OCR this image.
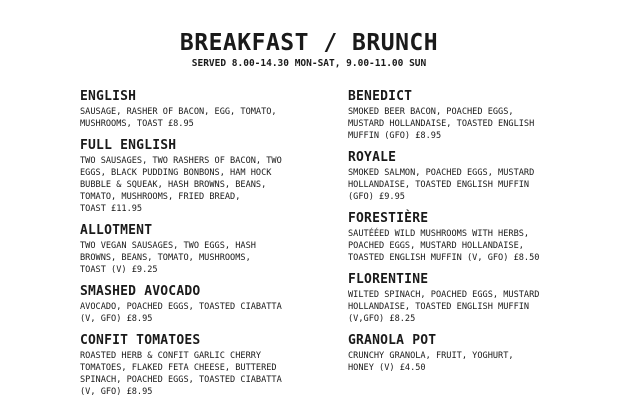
BREAKFAST / BRUNCH

SERVED 8.00-14.30 MON-SAT, 9.00-11.00 SUN

ENGLISH

SAUSAGE, RASHER OF BACON, EGG, TOMATO,
MUSHROOMS, TOAST £8.95

FULL ENGLISH

TWO SAUSAGES, TWO RASHERS OF BACON, TWO
EGGS, BLACK PUDDING BONBONS, HAM HOCK
BUBBLE & SQUEAK, HASH BROWNS, BEANS,
TOMATO, MUSHROOMS, FRIED BREAD,
TOAST £11.95

ALLOTMENT

TWO VEGAN SAUSAGES, TWO EGGS, HASH
BROWNS, BEANS, TOMATO, MUSHROOMS,
TOAST (V) £9.25

SMASHED AVOCADO

AVOCADO, POACHED EGGS, TOASTED CIABATTA
(V, GFO) £8.95

CONFIT TOMATOES

ROASTED HERB & CONFIT GARLIC CHERRY
TOMATOES, FLAKED FETA CHEESE, BUTTERED
SPINACH, POACHED EGGS, TOASTED CIABATTA
(V, GFO) £8.95

BENEDICT

SMOKED BEER BACON, POACHED EGGS,
MUSTARD HOLLANDAISE, TOASTED ENGLISH
MUFFIN (GFO) £8.95

ROYALE

SMOKED SALMON, POACHED EGGS, MUSTARD
HOLLANDAISE, TOASTED ENGLISH MUFFIN
(GFO) £9.95

FORESTIÈRE

SAUTÉÉED WILD MUSHROOMS WITH HERBS,
POACHED EGGS, MUSTARD HOLLANDAISE,
TOASTED ENGLISH MUFFIN (V, GFO) £8.50

FLORENTINE

WILTED SPINACH, POACHED EGGS, MUSTARD
HOLLANDAISE, TOASTED ENGLISH MUFFIN
(V,GFO) £8.25

GRANOLA POT

CRUNCHY GRANOLA, FRUIT, YOGHURT,
HONEY (V) £4.50
